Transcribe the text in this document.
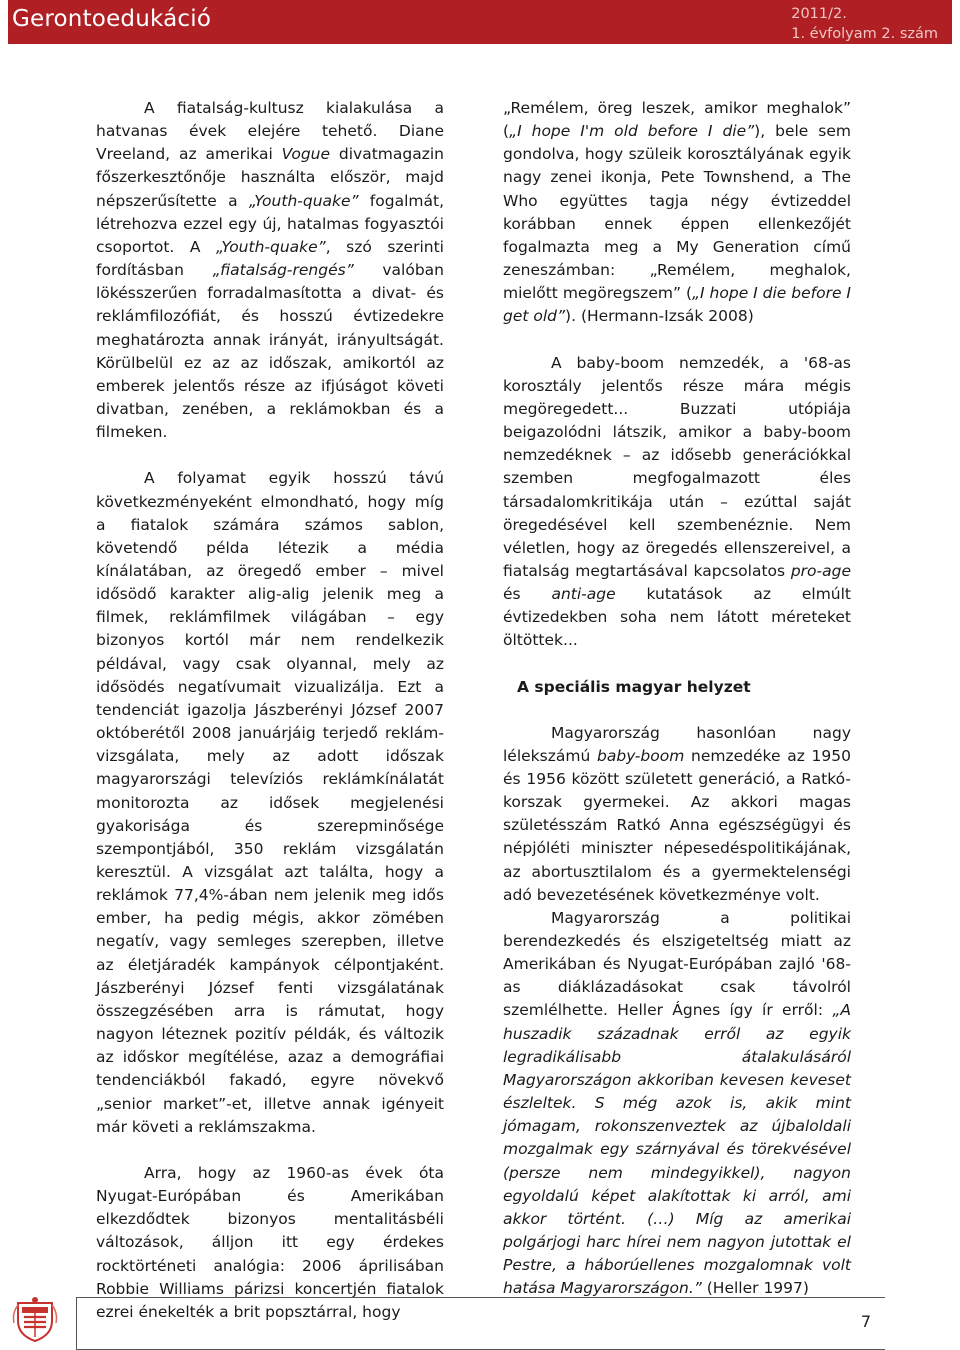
Gerontoedukáció	2011/2.
1. évfolyam 2. szám

A fiatalság-kultusz kialakulása a hatvanas évek elejére tehető. Diane Vreeland, az amerikai Vogue divatmagazin főszerkesztőnője használta először, majd népszerűsítette a „Youth-quake” fogalmát, létrehozva ezzel egy új, hatalmas fogyasztói csoportot. A „Youth-quake”, szó szerinti fordításban „fiatalság-rengés” valóban lökésszerűen forradalmasította a divat- és reklámfilozófiát, és hosszú évtizedekre meghatározta annak irányát, irányultságát. Körülbelül ez az az időszak, amikortól az emberek jelentős része az ifjúságot követi divatban, zenében, a reklámokban és a filmeken.

A folyamat egyik hosszú távú következményeként elmondható, hogy míg a fiatalok számára számos sablon, követendő példa létezik a média kínálatában, az öregedő ember – mivel idősödő karakter alig-alig jelenik meg a filmek, reklámfilmek világában – egy bizonyos kortól már nem rendelkezik példával, vagy csak olyannal, mely az idősödés negatívumait vizualizálja. Ezt a tendenciát igazolja Jászberényi József 2007 októberétől 2008 januárjáig terjedő reklám-vizsgálata, mely az adott időszak magyarországi televíziós reklámkínálatát monitorozta az idősek megjelenési gyakorisága és szerepminősége szempontjából, 350 reklám vizsgálatán keresztül. A vizsgálat azt találta, hogy a reklámok 77,4%-ában nem jelenik meg idős ember, ha pedig mégis, akkor zömében negatív, vagy semleges szerepben, illetve az életjáradék kampányok célpontjaként. Jászberényi József fenti vizsgálatának összegzésében arra is rámutat, hogy nagyon léteznek pozitív példák, és változik az időskor megítélése, azaz a demográfiai tendenciákból fakadó, egyre növekvő „senior market”-et, illetve annak igényeit már követi a reklámszakma.

Arra, hogy az 1960-as évek óta Nyugat-Európában és Amerikában elkezdődtek bizonyos mentalitásbéli változások, álljon itt egy érdekes rocktörténeti analógia: 2006 áprilisában Robbie Williams párizsi koncertjén fiatalok ezrei énekelték a brit popsztárral, hogy

„Remélem, öreg leszek, amikor meghalok” („I hope I'm old before I die”), bele sem gondolva, hogy szüleik korosztályának egyik nagy zenei ikonja, Pete Townshend, a The Who együttes tagja négy évtizeddel korábban ennek éppen ellenkezőjét fogalmazta meg a My Generation című zeneszámban: „Remélem, meghalok, mielőtt megöregszem” („I hope I die before I get old”). (Hermann-Izsák 2008)

A baby-boom nemzedék, a '68-as korosztály jelentős része mára mégis megöregedett... Buzzati utópiája beigazolódni látszik, amikor a baby-boom nemzedéknek – az idősebb generációkkal szemben megfogalmazott éles társadalomkritikája után – ezúttal saját öregedésével kell szembenéznie. Nem véletlen, hogy az öregedés ellenszereivel, a fiatalság megtartásával kapcsolatos pro-age és anti-age kutatások az elmúlt évtizedekben soha nem látott méreteket öltöttek...

A speciális magyar helyzet

Magyarország hasonlóan nagy lélekszámú baby-boom nemzedéke az 1950 és 1956 között született generáció, a Ratkó-korszak gyermekei. Az akkori magas születésszám Ratkó Anna egészségügyi és népjóléti miniszter népesedéspolitikájának, az abortusztilalom és a gyermektelenségi adó bevezetésének következménye volt.

Magyarország a politikai berendezkedés és elszigeteltség miatt az Amerikában és Nyugat-Európában zajló '68-as diáklázadásokat csak távolról szemlélhette. Heller Ágnes így ír erről: „A huszadik századnak erről az egyik legradikálisabb átalakulásáról Magyarországon akkoriban kevesen keveset észleltek. S még azok is, akik mint jómagam, rokonszenveztek az újbaloldali mozgalmak egy szárnyával és törekvésével (persze nem mindegyikkel), nagyon egyoldalú képet alakítottak ki arról, ami akkor történt. (…) Míg az amerikai polgárjogi harc hírei nem nagyon jutottak el Pestre, a háborúellenes mozgalomnak volt hatása Magyarországon.” (Heller 1997)

7
